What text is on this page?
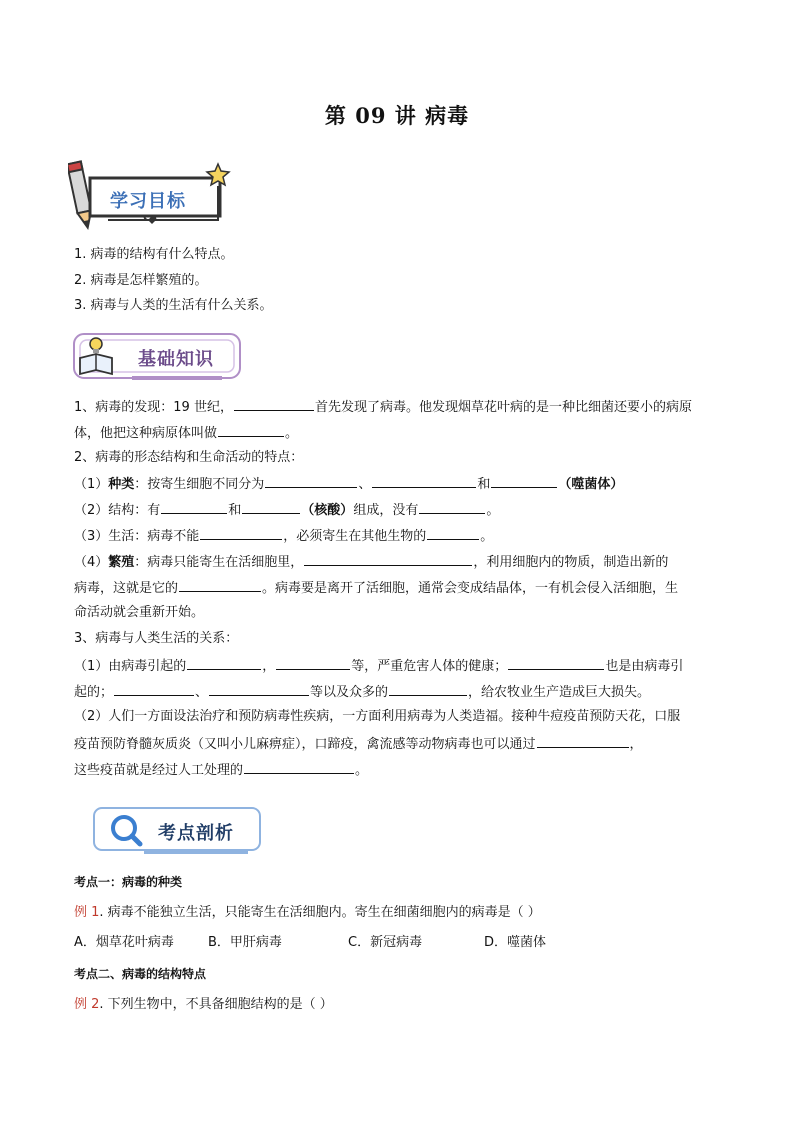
第 09 讲 病毒
学习目标
1. 病毒的结构有什么特点。
2. 病毒是怎样繁殖的。
3. 病毒与人类的生活有什么关系。
基础知识
1、病毒的发现：19 世纪，	首先发现了病毒。他发现烟草花叶病的是一种比细菌还要小的病原
体，他把这种病原体叫做	。
2、病毒的形态结构和生命活动的特点：
（1）种类：按寄生细胞不同分为	、	和	（噬菌体）
（2）结构：有	和	（核酸）组成，没有	。
（3）生活：病毒不能	，必须寄生在其他生物的	。
（4）繁殖：病毒只能寄生在活细胞里，	，利用细胞内的物质，制造出新的
病毒，这就是它的	。病毒要是离开了活细胞，通常会变成结晶体，一有机会侵入活细胞，生
命活动就会重新开始。
3、病毒与人类生活的关系：
（1）由病毒引起的	，	等，严重危害人体的健康；	也是由病毒引
起的；	、	等以及众多的	，给农牧业生产造成巨大损失。
（2）人们一方面设法治疗和预防病毒性疾病，一方面利用病毒为人类造福。接种牛痘疫苗预防天花，口服
疫苗预防脊髓灰质炎（又叫小儿麻痹症），口蹄疫，禽流感等动物病毒也可以通过	，
这些疫苗就是经过人工处理的	。
考点剖析
考点一：病毒的种类
例 1. 病毒不能独立生活，只能寄生在活细胞内。寄生在细菌细胞内的病毒是（ ）
A．烟草花叶病毒	B．甲肝病毒	C．新冠病毒	D．噬菌体
考点二、病毒的结构特点
例 2. 下列生物中，不具备细胞结构的是（ ）
